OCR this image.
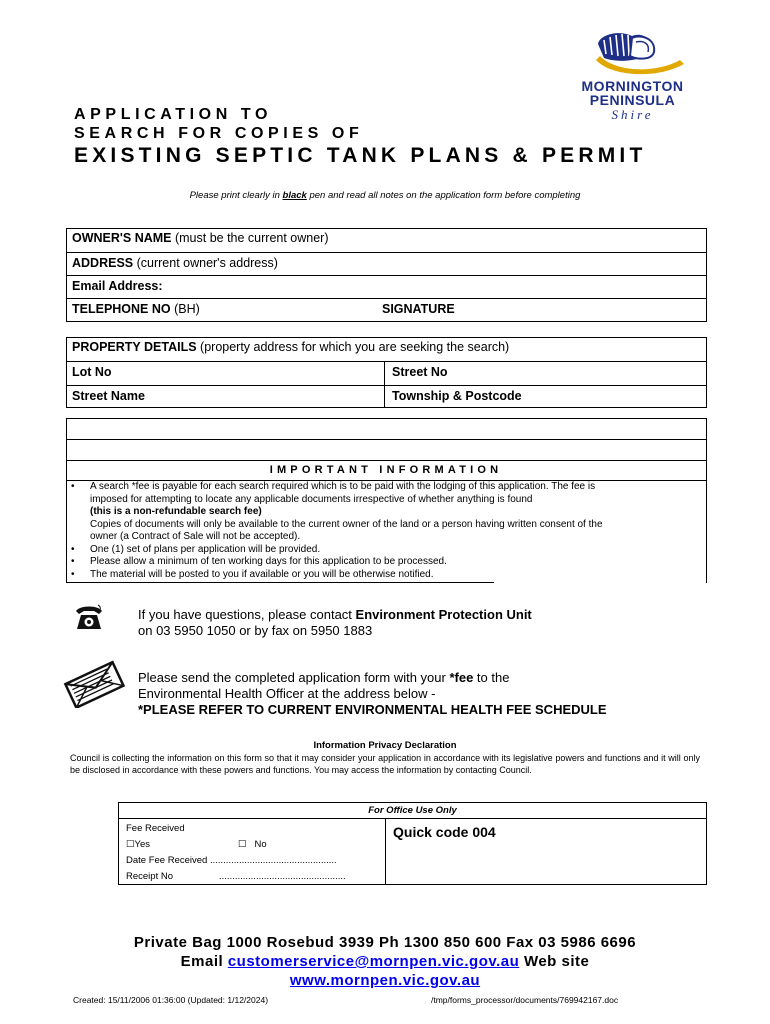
MORNINGTON
PENINSULA
Shire
APPLICATION TO
SEARCH FOR COPIES OF
EXISTING SEPTIC TANK PLANS & PERMIT
Please print clearly in black pen and read all notes on the application form before completing
OWNER'S NAME (must be the current owner)
ADDRESS (current owner's address)
Email Address:
TELEPHONE NO (BH)	SIGNATURE
PROPERTY DETAILS (property address for which you are seeking the search)
Lot No	Street No
Street Name	Township & Postcode
IMPORTANT INFORMATION
• A search *fee is payable for each search required which is to be paid with the lodging of this application. The fee is
imposed for attempting to locate any applicable documents irrespective of whether anything is found
(this is a non-refundable search fee)
Copies of documents will only be available to the current owner of the land or a person having written consent of the
owner (a Contract of Sale will not be accepted).
• One (1) set of plans per application will be provided.
• Please allow a minimum of ten working days for this application to be processed.
• The material will be posted to you if available or you will be otherwise notified.
If you have questions, please contact Environment Protection Unit
on 03 5950 1050 or by fax on 5950 1883
Please send the completed application form with your *fee to the
Environmental Health Officer at the address below -
*PLEASE REFER TO CURRENT ENVIRONMENTAL HEALTH FEE SCHEDULE
Information Privacy Declaration
Council is collecting the information on this form so that it may consider your application in accordance with its legislative powers and functions and it will only be disclosed in accordance with these powers and functions. You may access the information by contacting Council.
For Office Use Only
Fee Received
☐Yes	☐ No
Date Fee Received ................................................
Receipt No	................................................
Quick code 004
Private Bag 1000 Rosebud 3939 Ph 1300 850 600 Fax 03 5986 6696
Email customerservice@mornpen.vic.gov.au Web site
www.mornpen.vic.gov.au
Created: 15/11/2006 01:36:00 (Updated: 1/12/2024)	/tmp/forms_processor/documents/769942167.doc
